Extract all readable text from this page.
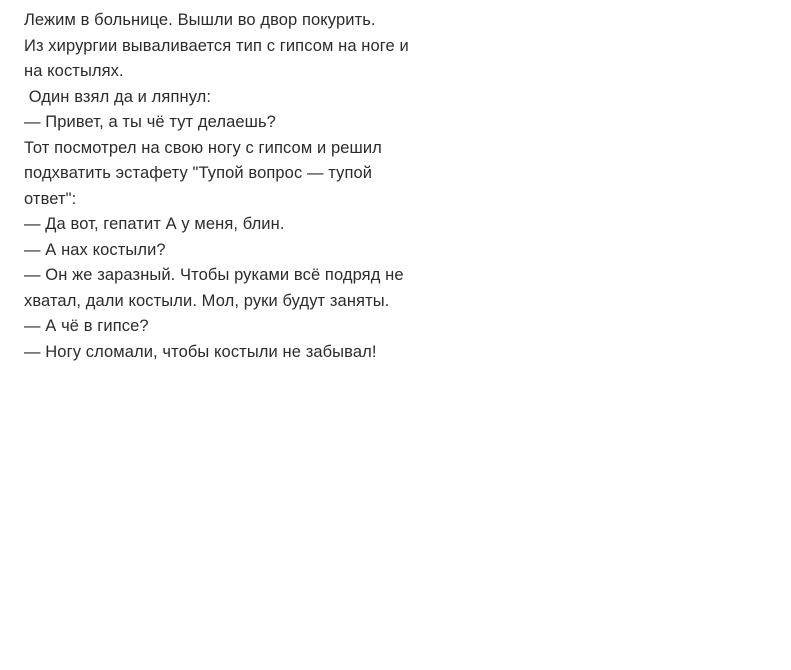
Лежим в больнице. Вышли во двор покурить.
Из хирургии вываливается тип с гипсом на ноге и
на костылях.
Один взял да и ляпнул:
— Привет, а ты чё тут делаешь?
Тот посмотрел на свою ногу с гипсом и решил
подхватить эстафету "Тупой вопрос — тупой
ответ":
— Да вот, гепатит А у меня, блин.
— А нах костыли?
— Он же заразный. Чтобы руками всё подряд не
хватал, дали костыли. Мол, руки будут заняты.
— А чё в гипсе?
— Ногу сломали, чтобы костыли не забывал!
